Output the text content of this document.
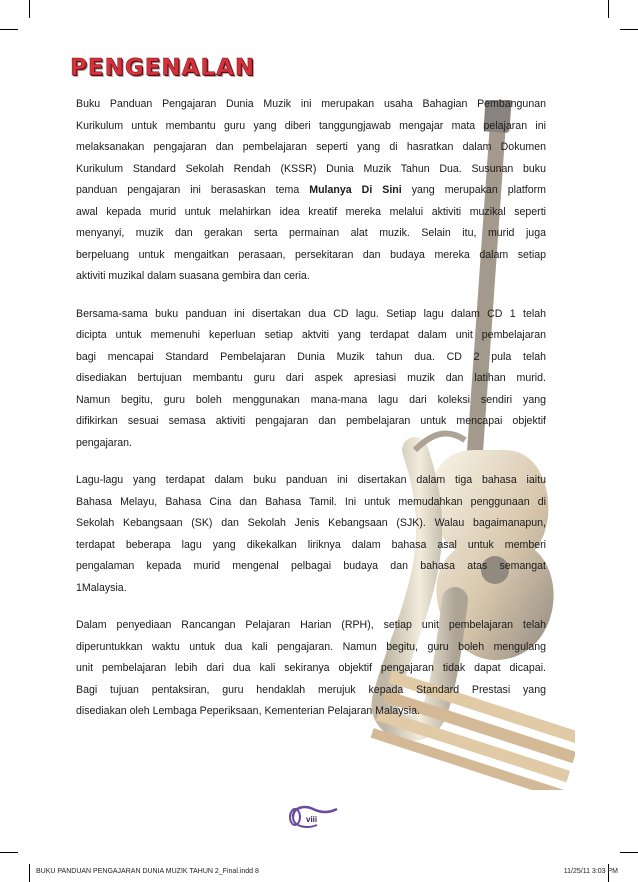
PENGENALAN
Buku Panduan Pengajaran Dunia Muzik ini merupakan usaha Bahagian Pembangunan
Kurikulum untuk membantu guru yang diberi tanggungjawab mengajar mata pelajaran ini
melaksanakan pengajaran dan pembelajaran seperti yang di hasratkan dalam Dokumen
Kurikulum Standard Sekolah Rendah (KSSR) Dunia Muzik Tahun Dua. Susunan buku
panduan pengajaran ini berasaskan tema Mulanya Di Sini yang merupakan platform
awal kepada murid untuk melahirkan idea kreatif mereka melalui aktiviti muzikal seperti
menyanyi, muzik dan gerakan serta permainan alat muzik. Selain itu, murid juga
berpeluang untuk mengaitkan perasaan, persekitaran dan budaya mereka dalam setiap
aktiviti muzikal dalam suasana gembira dan ceria.
Bersama-sama buku panduan ini disertakan dua CD lagu. Setiap lagu dalam CD 1 telah
dicipta untuk memenuhi keperluan setiap aktviti yang terdapat dalam unit pembelajaran
bagi mencapai Standard Pembelajaran Dunia Muzik tahun dua. CD 2 pula telah
disediakan bertujuan membantu guru dari aspek apresiasi muzik dan latihan murid.
Namun begitu, guru boleh menggunakan mana-mana lagu dari koleksi sendiri yang
difikirkan sesuai semasa aktiviti pengajaran dan pembelajaran untuk mencapai objektif
pengajaran.
Lagu-lagu yang terdapat dalam buku panduan ini disertakan dalam tiga bahasa iaitu
Bahasa Melayu, Bahasa Cina dan Bahasa Tamil. Ini untuk memudahkan penggunaan di
Sekolah Kebangsaan (SK) dan Sekolah Jenis Kebangsaan (SJK). Walau bagaimanapun,
terdapat beberapa lagu yang dikekalkan liriknya dalam bahasa asal untuk memberi
pengalaman kepada murid mengenal pelbagai budaya dan bahasa atas semangat
1Malaysia.
Dalam penyediaan Rancangan Pelajaran Harian (RPH), setiap unit pembelajaran telah
diperuntukkan waktu untuk dua kali pengajaran. Namun begitu, guru boleh mengulang
unit pembelajaran lebih dari dua kali sekiranya objektif pengajaran tidak dapat dicapai.
Bagi tujuan pentaksiran, guru hendaklah merujuk kepada Standard Prestasi yang
disediakan oleh Lembaga Peperiksaan, Kementerian Pelajaran Malaysia.
viii
BUKU PANDUAN PENGAJARAN DUNIA MUZIK TAHUN 2_Final.indd 8	11/25/11 3:03 PM
